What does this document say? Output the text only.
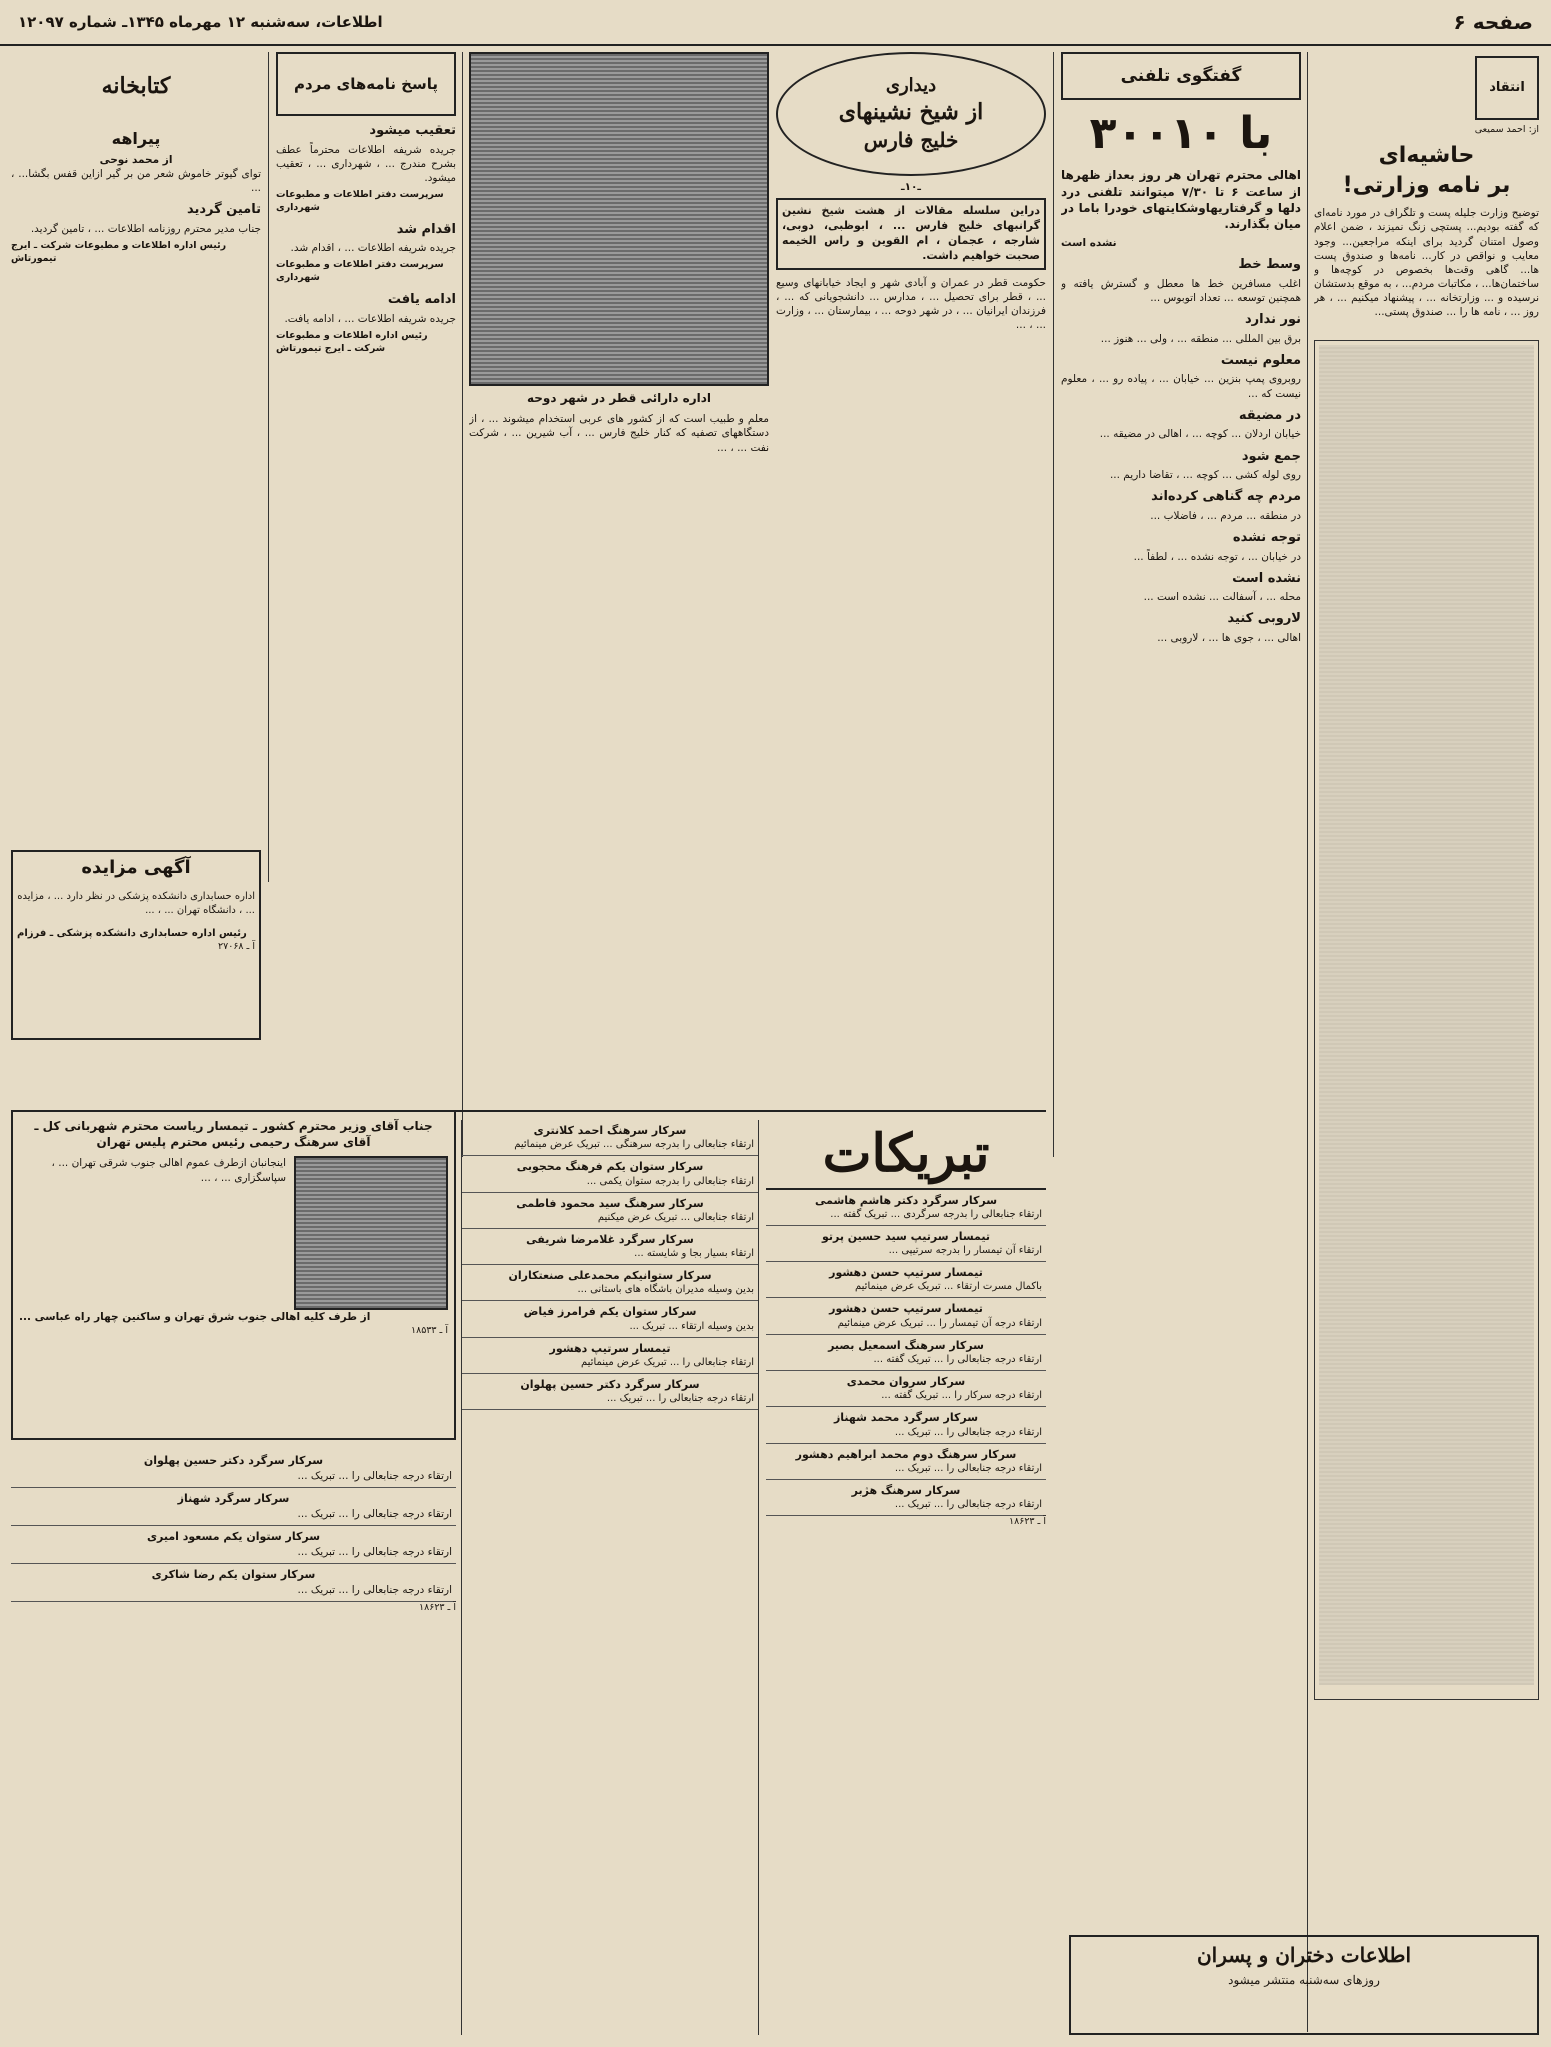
صفحه ۶
اطلاعات، سه‌شنبه ۱۲ مهرماه ۱۳۴۵ـ شماره ۱۲۰۹۷
انتقاد
از: احمد سمیعی
حاشیه‌ای
بر نامه وزارتی!

توضیح وزارت جلیله پست و تلگراف در مورد نامه‌ای که گفته بودیم... پستچی زنگ نمیزند ، ضمن اعلام وصول امتنان گردید برای اینکه مراجعین... وجود معایب و نواقص در کار... نامه‌ها و صندوق پست ها... گاهی وقت‌ها بخصوص در کوچه‌ها و ساختمان‌ها... ، مکاتبات مردم... ، به موقع بدستشان نرسیده و ... وزارتخانه ... ، پیشنهاد میکنیم ... ، هر روز ... ، نامه ها را ... صندوق پستی...

گفتگوی تلفنی
با ۳۰۰۱۰

اهالی محترم تهران هر روز بعداز ظهرها از ساعت ۶ تا ۷/۳۰ میتوانند تلفنی درد دلها و گرفتاریهاوشکایتهای خودرا باما در میان بگذارند.

نشده است
وسط خط

اغلب مسافرین خط ها معطل و گسترش یافته و همچنین توسعه ... تعداد اتوبوس ...

نور ندارد

برق بین المللی ... منطقه ... ، ولی ... هنوز ...

معلوم نیست

روبروی پمپ بنزین ... خیابان ... ، پیاده رو ... ، معلوم نیست که ...

در مضیقه

خیابان اردلان ... کوچه ... ، اهالی در مضیقه ...

جمع شود

روی لوله کشی ... کوچه ... ، تقاضا داریم ...

مردم چه گناهی کرده‌اند

در منطقه ... مردم ... ، فاضلاب ...

توجه نشده

در خیابان ... ، توجه نشده ... ، لطفاً ...

نشده است

محله ... ، آسفالت ... نشده است ...

لاروبی کنید

اهالی ... ، جوی ها ... ، لاروبی ...

اطلاعات دختران و پسران
روزهای سه‌شنبه منتشر میشود
دیداری
از شیخ نشینهای
خلیج فارس
ـ۱۰ـ
دراین سلسله مقالات از هشت شیخ نشین گرانبهای خلیج فارس ... ، ابوظبی، دوبی، شارجه ، عجمان ، ام القوین و راس الخیمه صحبت خواهیم داشت.

حکومت قطر در عمران و آبادی شهر و ایجاد خیابانهای وسیع ... ، قطر برای تحصیل ... ، مدارس ... دانشجویانی که ... ، فرزندان ایرانیان ... ، در شهر دوحه ... ، بیمارستان ... ، وزارت ... ، ...

اداره دارائی قطر در شهر دوحه

معلم و طبیب است که از کشور های عربی استخدام میشوند ... ، از دستگاههای تصفیه که کنار خلیج فارس ... ، آب شیرین ... ، شرکت نفت ... ، ...

پاسخ نامه‌های مردم
تعقیب میشود

جریده شریفه اطلاعات محترماً عطف بشرح مندرج ... ، شهرداری ... ، تعقیب میشود.

سرپرست دفتر اطلاعات و مطبوعات شهرداری
اقدام شد

جریده شریفه اطلاعات ... ، اقدام شد.

سرپرست دفتر اطلاعات و مطبوعات شهرداری
ادامه یافت

جریده شریفه اطلاعات ... ، ادامه یافت.

رئیس اداره اطلاعات و مطبوعات شرکت ـ ایرج تیمورتاش
کتابخانه
پیراهه
از محمد نوحی

توای گیوتر خاموش شعر من بر گیر ازاین قفس بگشا... ، ...

تامین گردید

جناب مدیر محترم روزنامه اطلاعات ... ، تامین گردید.

رئیس اداره اطلاعات و مطبوعات شرکت ـ ایرج تیمورتاش
آگهی مزایده

اداره حسابداری دانشکده پزشکی در نظر دارد ... ، مزایده ... ، دانشگاه تهران ... ، ...

رئیس اداره حسابداری دانشکده پزشکی ـ فرزام
آ ـ ۲۷۰۶۸
جناب آقای وزیر محترم کشور ـ تیمسار ریاست محترم شهربانی کل ـ آقای سرهنگ رحیمی رئیس محترم پلیس تهران

اینجانبان ازطرف عموم اهالی جنوب شرقی تهران ... ، سپاسگزاری ... ، ...

از طرف کلیه اهالی جنوب شرق تهران و ساکنین چهار راه عباسی ...
آ ـ ۱۸۵۳۳
تبریکات
سرکار سرگرد دکتر هاشم هاشمی
ارتقاء جنابعالی را بدرجه سرگردی ... تبریک گفته ...
تیمسار سرتیپ سید حسین پرتو
ارتقاء آن تیمسار را بدرجه سرتیپی ...
تیمسار سرتیپ حسن دهشور
باکمال مسرت ارتقاء ... تبریک عرض مینمائیم
تیمسار سرتیپ حسن دهشور
ارتقاء درجه آن تیمسار را ... تبریک عرض مینمائیم
سرکار سرهنگ اسمعیل بصیر
ارتقاء درجه جنابعالی را ... تبریک گفته ...
سرکار سروان محمدی
ارتقاء درجه سرکار را ... تبریک گفته ...
سرکار سرگرد محمد شهناز
ارتقاء درجه جنابعالی را ... تبریک ...
سرکار سرهنگ دوم محمد ابراهیم دهشور
ارتقاء درجه جنابعالی را ... تبریک ...
سرکار سرهنگ هژبر
ارتقاء درجه جنابعالی را ... تبریک ...
آ ـ ۱۸۶۲۳
سرکار سرهنگ احمد کلانتری
ارتقاء جنابعالی را بدرجه سرهنگی ... تبریک عرض مینمائیم
سرکار ستوان یکم فرهنگ محجوبی
ارتقاء جنابعالی را بدرجه ستوان یکمی ...
سرکار سرهنگ سید محمود فاطمی
ارتقاء جنابعالی ... تبریک عرض میکنیم
سرکار سرگرد غلامرضا شریفی
ارتقاء بسیار بجا و شایسته ...
سرکار ستوانیکم محمدعلی صنعتکاران
بدین وسیله مدیران باشگاه های باستانی ...
سرکار ستوان یکم فرامرز فیاض
بدین وسیله ارتقاء ... تبریک ...
تیمسار سرتیپ دهشور
ارتقاء جنابعالی را ... تبریک عرض مینمائیم
سرکار سرگرد دکتر حسین پهلوان
ارتقاء درجه جنابعالی را ... تبریک ...
سرکار سرگرد دکتر حسین پهلوان
ارتقاء درجه جنابعالی را ... تبریک ...
سرکار سرگرد شهناز
ارتقاء درجه جنابعالی را ... تبریک ...
سرکار ستوان یکم مسعود امیری
ارتقاء درجه جنابعالی را ... تبریک ...
سرکار ستوان یکم رضا شاکری
ارتقاء درجه جنابعالی را ... تبریک ...
آ ـ ۱۸۶۲۳
